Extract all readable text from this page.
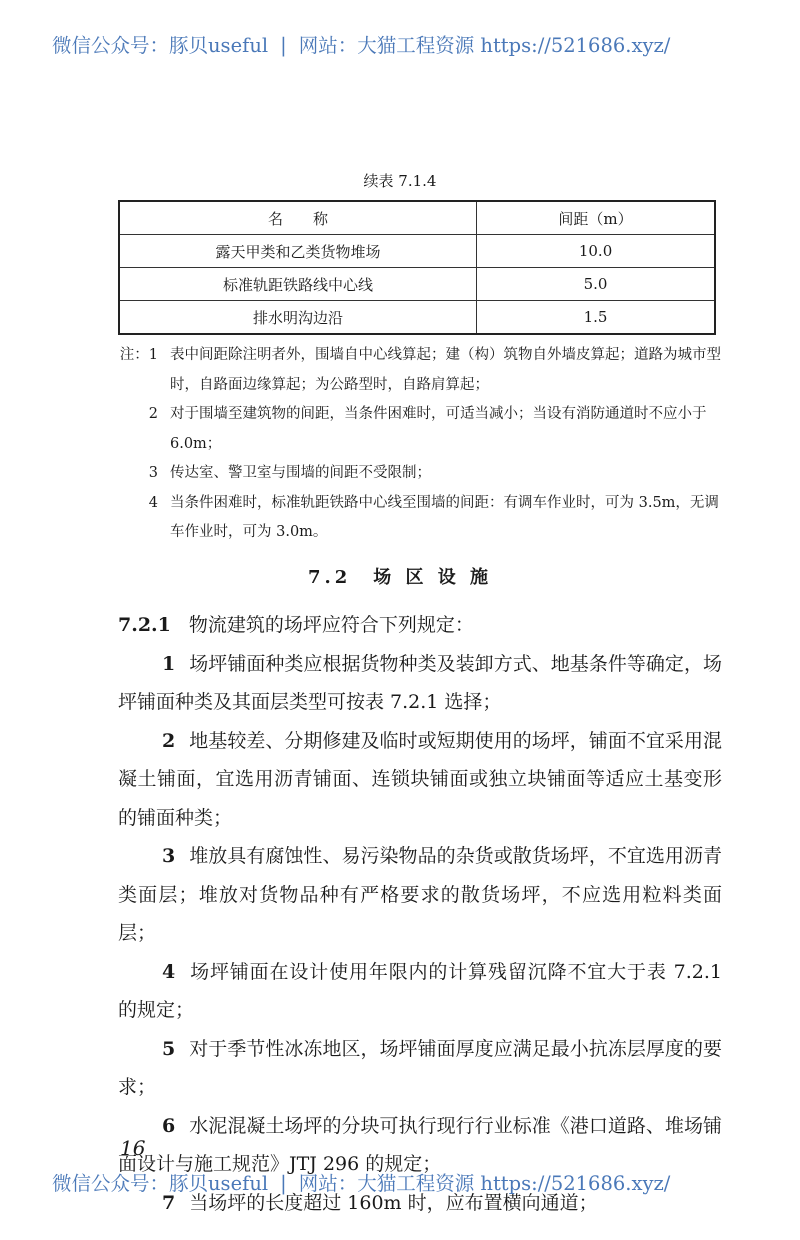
微信公众号：豚贝useful | 网站：大猫工程资源 https://521686.xyz/
续表 7.1.4
名　　称	间距（m）
露天甲类和乙类货物堆场	10.0
标准轨距铁路线中心线	5.0
排水明沟边沿	1.5
注：1 表中间距除注明者外，围墙自中心线算起；建（构）筑物自外墙皮算起；道路为城市型时，自路面边缘算起；为公路型时，自路肩算起；
2 对于围墙至建筑物的间距，当条件困难时，可适当减小；当设有消防通道时不应小于 6.0m；
3 传达室、警卫室与围墙的间距不受限制；
4 当条件困难时，标准轨距铁路中心线至围墙的间距：有调车作业时，可为 3.5m，无调车作业时，可为 3.0m。
7.2　场 区 设 施

7.2.1 物流建筑的场坪应符合下列规定：

1 场坪铺面种类应根据货物种类及装卸方式、地基条件等确定，场坪铺面种类及其面层类型可按表 7.2.1 选择；

2 地基较差、分期修建及临时或短期使用的场坪，铺面不宜采用混凝土铺面，宜选用沥青铺面、连锁块铺面或独立块铺面等适应土基变形的铺面种类；

3 堆放具有腐蚀性、易污染物品的杂货或散货场坪，不宜选用沥青类面层；堆放对货物品种有严格要求的散货场坪，不应选用粒料类面层；

4 场坪铺面在设计使用年限内的计算残留沉降不宜大于表 7.2.1 的规定；

5 对于季节性冰冻地区，场坪铺面厚度应满足最小抗冻层厚度的要求；

6 水泥混凝土场坪的分块可执行现行行业标准《港口道路、堆场铺面设计与施工规范》JTJ 296 的规定；

7 当场坪的长度超过 160m 时，应布置横向通道；

16
微信公众号：豚贝useful | 网站：大猫工程资源 https://521686.xyz/
